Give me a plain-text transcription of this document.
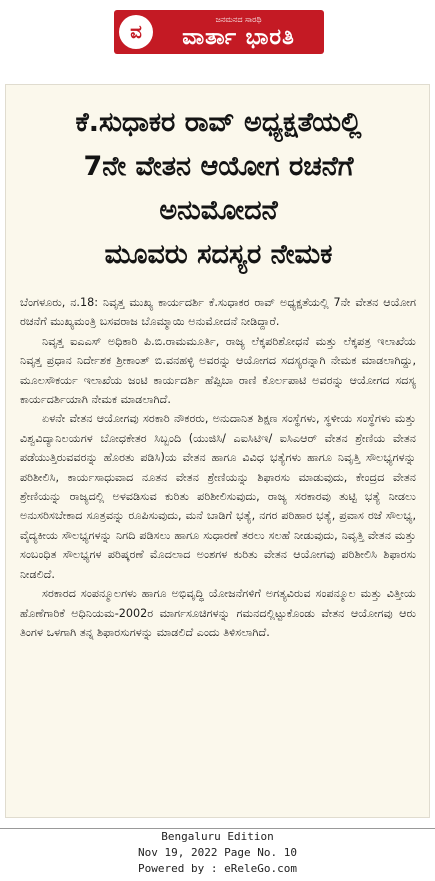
ವ
ಜನಮನದ ಸಾರಥಿ
ವಾರ್ತಾ ಭಾರತಿ
ಕೆ.ಸುಧಾಕರ ರಾವ್ ಅಧ್ಯಕ್ಷತೆಯಲ್ಲಿ
7ನೇ ವೇತನ ಆಯೋಗ ರಚನೆಗೆ
ಅನುಮೋದನೆ
ಮೂವರು ಸದಸ್ಯರ ನೇಮಕ

ಬೆಂಗಳೂರು, ನ.18: ನಿವೃತ್ತ ಮುಖ್ಯ ಕಾರ್ಯದರ್ಶಿ ಕೆ.ಸುಧಾಕರ ರಾವ್ ಅಧ್ಯಕ್ಷತೆಯಲ್ಲಿ 7ನೇ ವೇತನ ಆಯೋಗ ರಚನೆಗೆ ಮುಖ್ಯಮಂತ್ರಿ ಬಸವರಾಜ ಬೊಮ್ಮಾಯಿ ಅನುಮೋದನೆ ನೀಡಿದ್ದಾರೆ.

ನಿವೃತ್ತ ಐಎಎಸ್ ಅಧಿಕಾರಿ ಪಿ.ಬಿ.ರಾಮಮೂರ್ತಿ, ರಾಜ್ಯ ಲೆಕ್ಕಪರಿಶೋಧನೆ ಮತ್ತು ಲೆಕ್ಕಪತ್ರ ಇಲಾಖೆಯ ನಿವೃತ್ತ ಪ್ರಧಾನ ನಿರ್ದೇಶಕ ಶ್ರೀಕಾಂತ್ ಬಿ.ವನಹಳ್ಳಿ ಅವರನ್ನು ಆಯೋಗದ ಸದಸ್ಯರನ್ನಾಗಿ ನೇಮಕ ಮಾಡಲಾಗಿದ್ದು, ಮೂಲಸೌಕರ್ಯ ಇಲಾಖೆಯ ಜಂಟಿ ಕಾರ್ಯದರ್ಶಿ ಹೆಪ್ಸಿಬಾ ರಾಣಿ ಕೊರ್ಲಪಾಟಿ ಅವರನ್ನು ಆಯೋಗದ ಸದಸ್ಯ ಕಾರ್ಯದರ್ಶಿಯಾಗಿ ನೇಮಕ ಮಾಡಲಾಗಿದೆ.

ಏಳನೇ ವೇತನ ಆಯೋಗವು ಸರಕಾರಿ ನೌಕರರು, ಅನುದಾನಿತ ಶಿಕ್ಷಣ ಸಂಸ್ಥೆಗಳು, ಸ್ಥಳೀಯ ಸಂಸ್ಥೆಗಳು ಮತ್ತು ವಿಶ್ವವಿದ್ಯಾನಿಲಯಗಳ ಬೋಧಕೇತರ ಸಿಬ್ಬಂದಿ (ಯುಜಿಸಿ/ ಎಐಸಿಟಿಇ/ ಐಸಿಎಆರ್ ವೇತನ ಶ್ರೇಣಿಯ ವೇತನ ಪಡೆಯುತ್ತಿರುವವರನ್ನು ಹೊರತು ಪಡಿಸಿ)ಯ ವೇತನ ಹಾಗೂ ವಿವಿಧ ಭತ್ಯೆಗಳು ಹಾಗೂ ನಿವೃತ್ತಿ ಸೌಲಭ್ಯಗಳನ್ನು ಪರಿಶೀಲಿಸಿ, ಕಾರ್ಯಸಾಧುವಾದ ನೂತನ ವೇತನ ಶ್ರೇಣಿಯನ್ನು ಶಿಫಾರಸು ಮಾಡುವುದು, ಕೇಂದ್ರದ ವೇತನ ಶ್ರೇಣಿಯನ್ನು ರಾಜ್ಯದಲ್ಲಿ ಅಳವಡಿಸುವ ಕುರಿತು ಪರಿಶೀಲಿಸುವುದು, ರಾಜ್ಯ ಸರಕಾರವು ತುಟ್ಟಿ ಭತ್ಯೆ ನೀಡಲು ಅನುಸರಿಸಬೇಕಾದ ಸೂತ್ರವನ್ನು ರೂಪಿಸುವುದು, ಮನೆ ಬಾಡಿಗೆ ಭತ್ಯೆ, ನಗರ ಪರಿಹಾರ ಭತ್ಯೆ, ಪ್ರವಾಸ ರಜೆ ಸೌಲಭ್ಯ, ವೈದ್ಯಕೀಯ ಸೌಲಭ್ಯಗಳನ್ನು ನಿಗದಿ ಪಡಿಸಲು ಹಾಗೂ ಸುಧಾರಣೆ ತರಲು ಸಲಹೆ ನೀಡುವುದು, ನಿವೃತ್ತಿ ವೇತನ ಮತ್ತು ಸಂಬಂಧಿತ ಸೌಲಭ್ಯಗಳ ಪರಿಷ್ಕರಣೆ ಮೊದಲಾದ ಅಂಶಗಳ ಕುರಿತು ವೇತನ ಆಯೋಗವು ಪರಿಶೀಲಿಸಿ ಶಿಫಾರಸು ನೀಡಲಿದೆ.

ಸರಕಾರದ ಸಂಪನ್ಮೂಲಗಳು ಹಾಗೂ ಅಭಿವೃದ್ಧಿ ಯೋಜನೆಗಳಿಗೆ ಅಗತ್ಯವಿರುವ ಸಂಪನ್ಮೂಲ ಮತ್ತು ವಿತ್ತೀಯ ಹೊಣೆಗಾರಿಕೆ ಅಧಿನಿಯಮ-2002ರ ಮಾರ್ಗಸೂಚಿಗಳನ್ನು ಗಮನದಲ್ಲಿಟ್ಟುಕೊಂಡು ವೇತನ ಆಯೋಗವು ಆರು ತಿಂಗಳ ಒಳಗಾಗಿ ತನ್ನ ಶಿಫಾರಸುಗಳನ್ನು ಮಾಡಲಿದೆ ಎಂದು ತಿಳಿಸಲಾಗಿದೆ.

Bengaluru Edition
Nov 19, 2022 Page No. 10
Powered by : eReleGo.com
